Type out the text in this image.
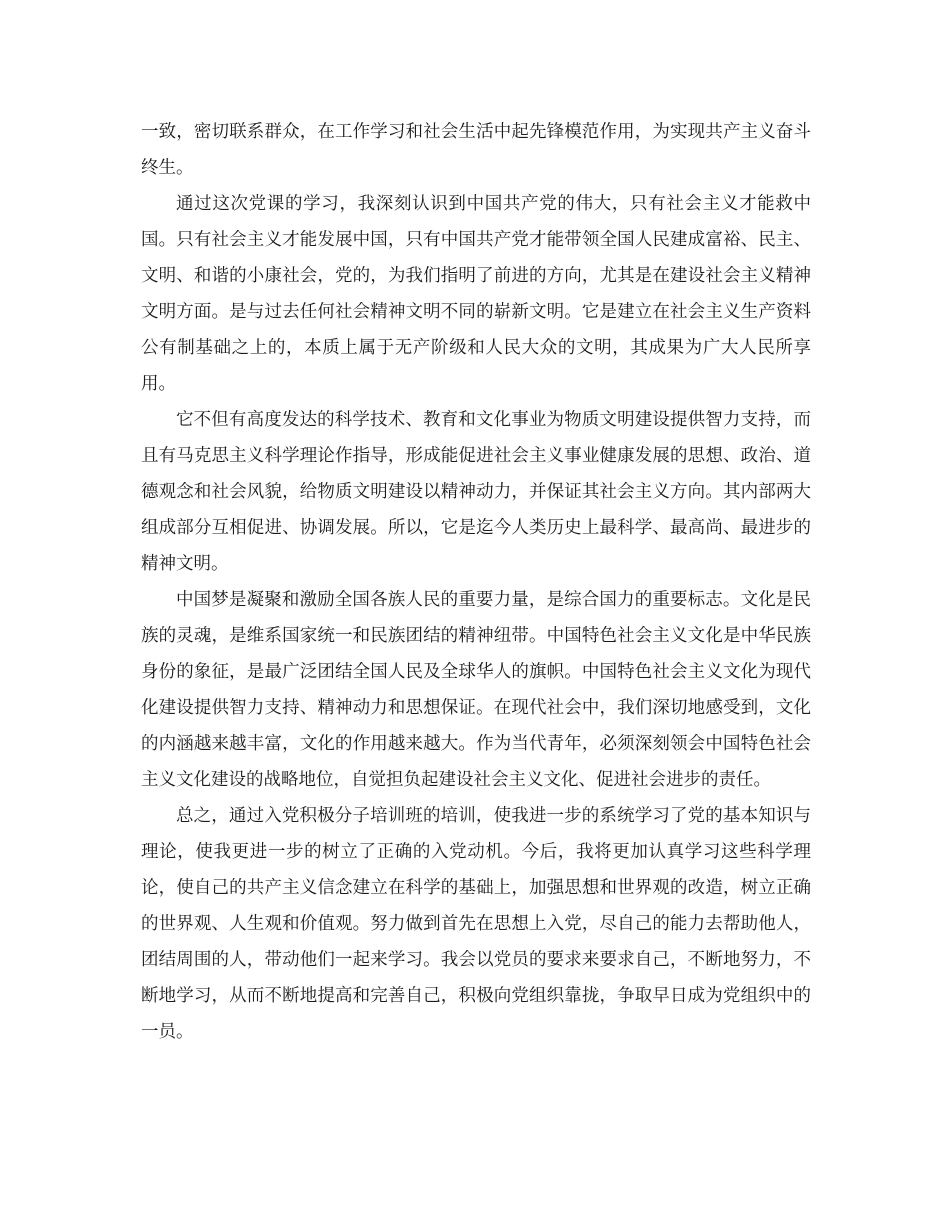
一致，密切联系群众，在工作学习和社会生活中起先锋模范作用，为实现共产主义奋斗终生。

通过这次党课的学习，我深刻认识到中国共产党的伟大，只有社会主义才能救中国。只有社会主义才能发展中国，只有中国共产党才能带领全国人民建成富裕、民主、文明、和谐的小康社会，党的，为我们指明了前进的方向，尤其是在建设社会主义精神文明方面。是与过去任何社会精神文明不同的崭新文明。它是建立在社会主义生产资料公有制基础之上的，本质上属于无产阶级和人民大众的文明，其成果为广大人民所享用。

它不但有高度发达的科学技术、教育和文化事业为物质文明建设提供智力支持，而且有马克思主义科学理论作指导，形成能促进社会主义事业健康发展的思想、政治、道德观念和社会风貌，给物质文明建设以精神动力，并保证其社会主义方向。其内部两大组成部分互相促进、协调发展。所以，它是迄今人类历史上最科学、最高尚、最进步的精神文明。

中国梦是凝聚和激励全国各族人民的重要力量，是综合国力的重要标志。文化是民族的灵魂，是维系国家统一和民族团结的精神纽带。中国特色社会主义文化是中华民族身份的象征，是最广泛团结全国人民及全球华人的旗帜。中国特色社会主义文化为现代化建设提供智力支持、精神动力和思想保证。在现代社会中，我们深切地感受到，文化的内涵越来越丰富，文化的作用越来越大。作为当代青年，必须深刻领会中国特色社会主义文化建设的战略地位，自觉担负起建设社会主义文化、促进社会进步的责任。

总之，通过入党积极分子培训班的培训，使我进一步的系统学习了党的基本知识与理论，使我更进一步的树立了正确的入党动机。今后，我将更加认真学习这些科学理论，使自己的共产主义信念建立在科学的基础上，加强思想和世界观的改造，树立正确的世界观、人生观和价值观。努力做到首先在思想上入党，尽自己的能力去帮助他人，团结周围的人，带动他们一起来学习。我会以党员的要求来要求自己，不断地努力，不断地学习，从而不断地提高和完善自己，积极向党组织靠拢，争取早日成为党组织中的一员。
